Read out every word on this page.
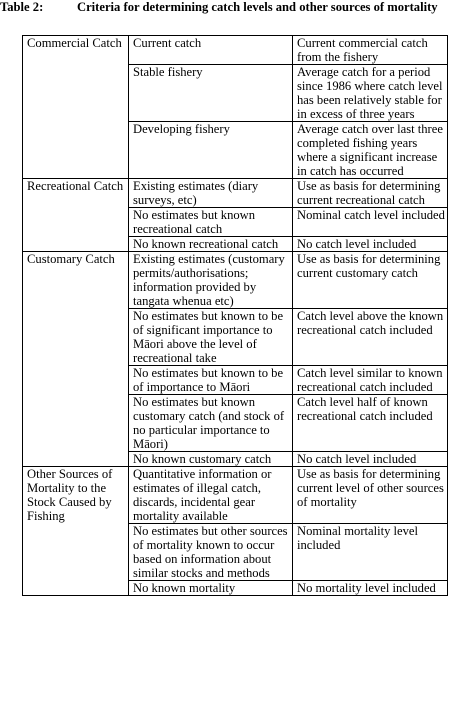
Table 2:	Criteria for determining catch levels and other sources of mortality
Commercial Catch	Current catch	Current commercial catch from the fishery
	Stable fishery	Average catch for a period since 1986 where catch level has been relatively stable for in excess of three years
	Developing fishery	Average catch over last three completed fishing years where a significant increase in catch has occurred
Recreational Catch	Existing estimates (diary surveys, etc)	Use as basis for determining current recreational catch
	No estimates but known recreational catch	Nominal catch level included
	No known recreational catch	No catch level included
Customary Catch	Existing estimates (customary permits/authorisations; information provided by tangata whenua etc)	Use as basis for determining current customary catch
	No estimates but known to be of significant importance to Māori above the level of recreational take	Catch level above the known recreational catch included
	No estimates but known to be of importance to Māori	Catch level similar to known recreational catch included
	No estimates but known customary catch (and stock of no particular importance to Māori)	Catch level half of known recreational catch included
	No known customary catch	No catch level included
Other Sources of Mortality to the Stock Caused by Fishing	Quantitative information or estimates of illegal catch, discards, incidental gear mortality available	Use as basis for determining current level of other sources of mortality
	No estimates but other sources of mortality known to occur based on information about similar stocks and methods	Nominal mortality level included
	No known mortality	No mortality level included
